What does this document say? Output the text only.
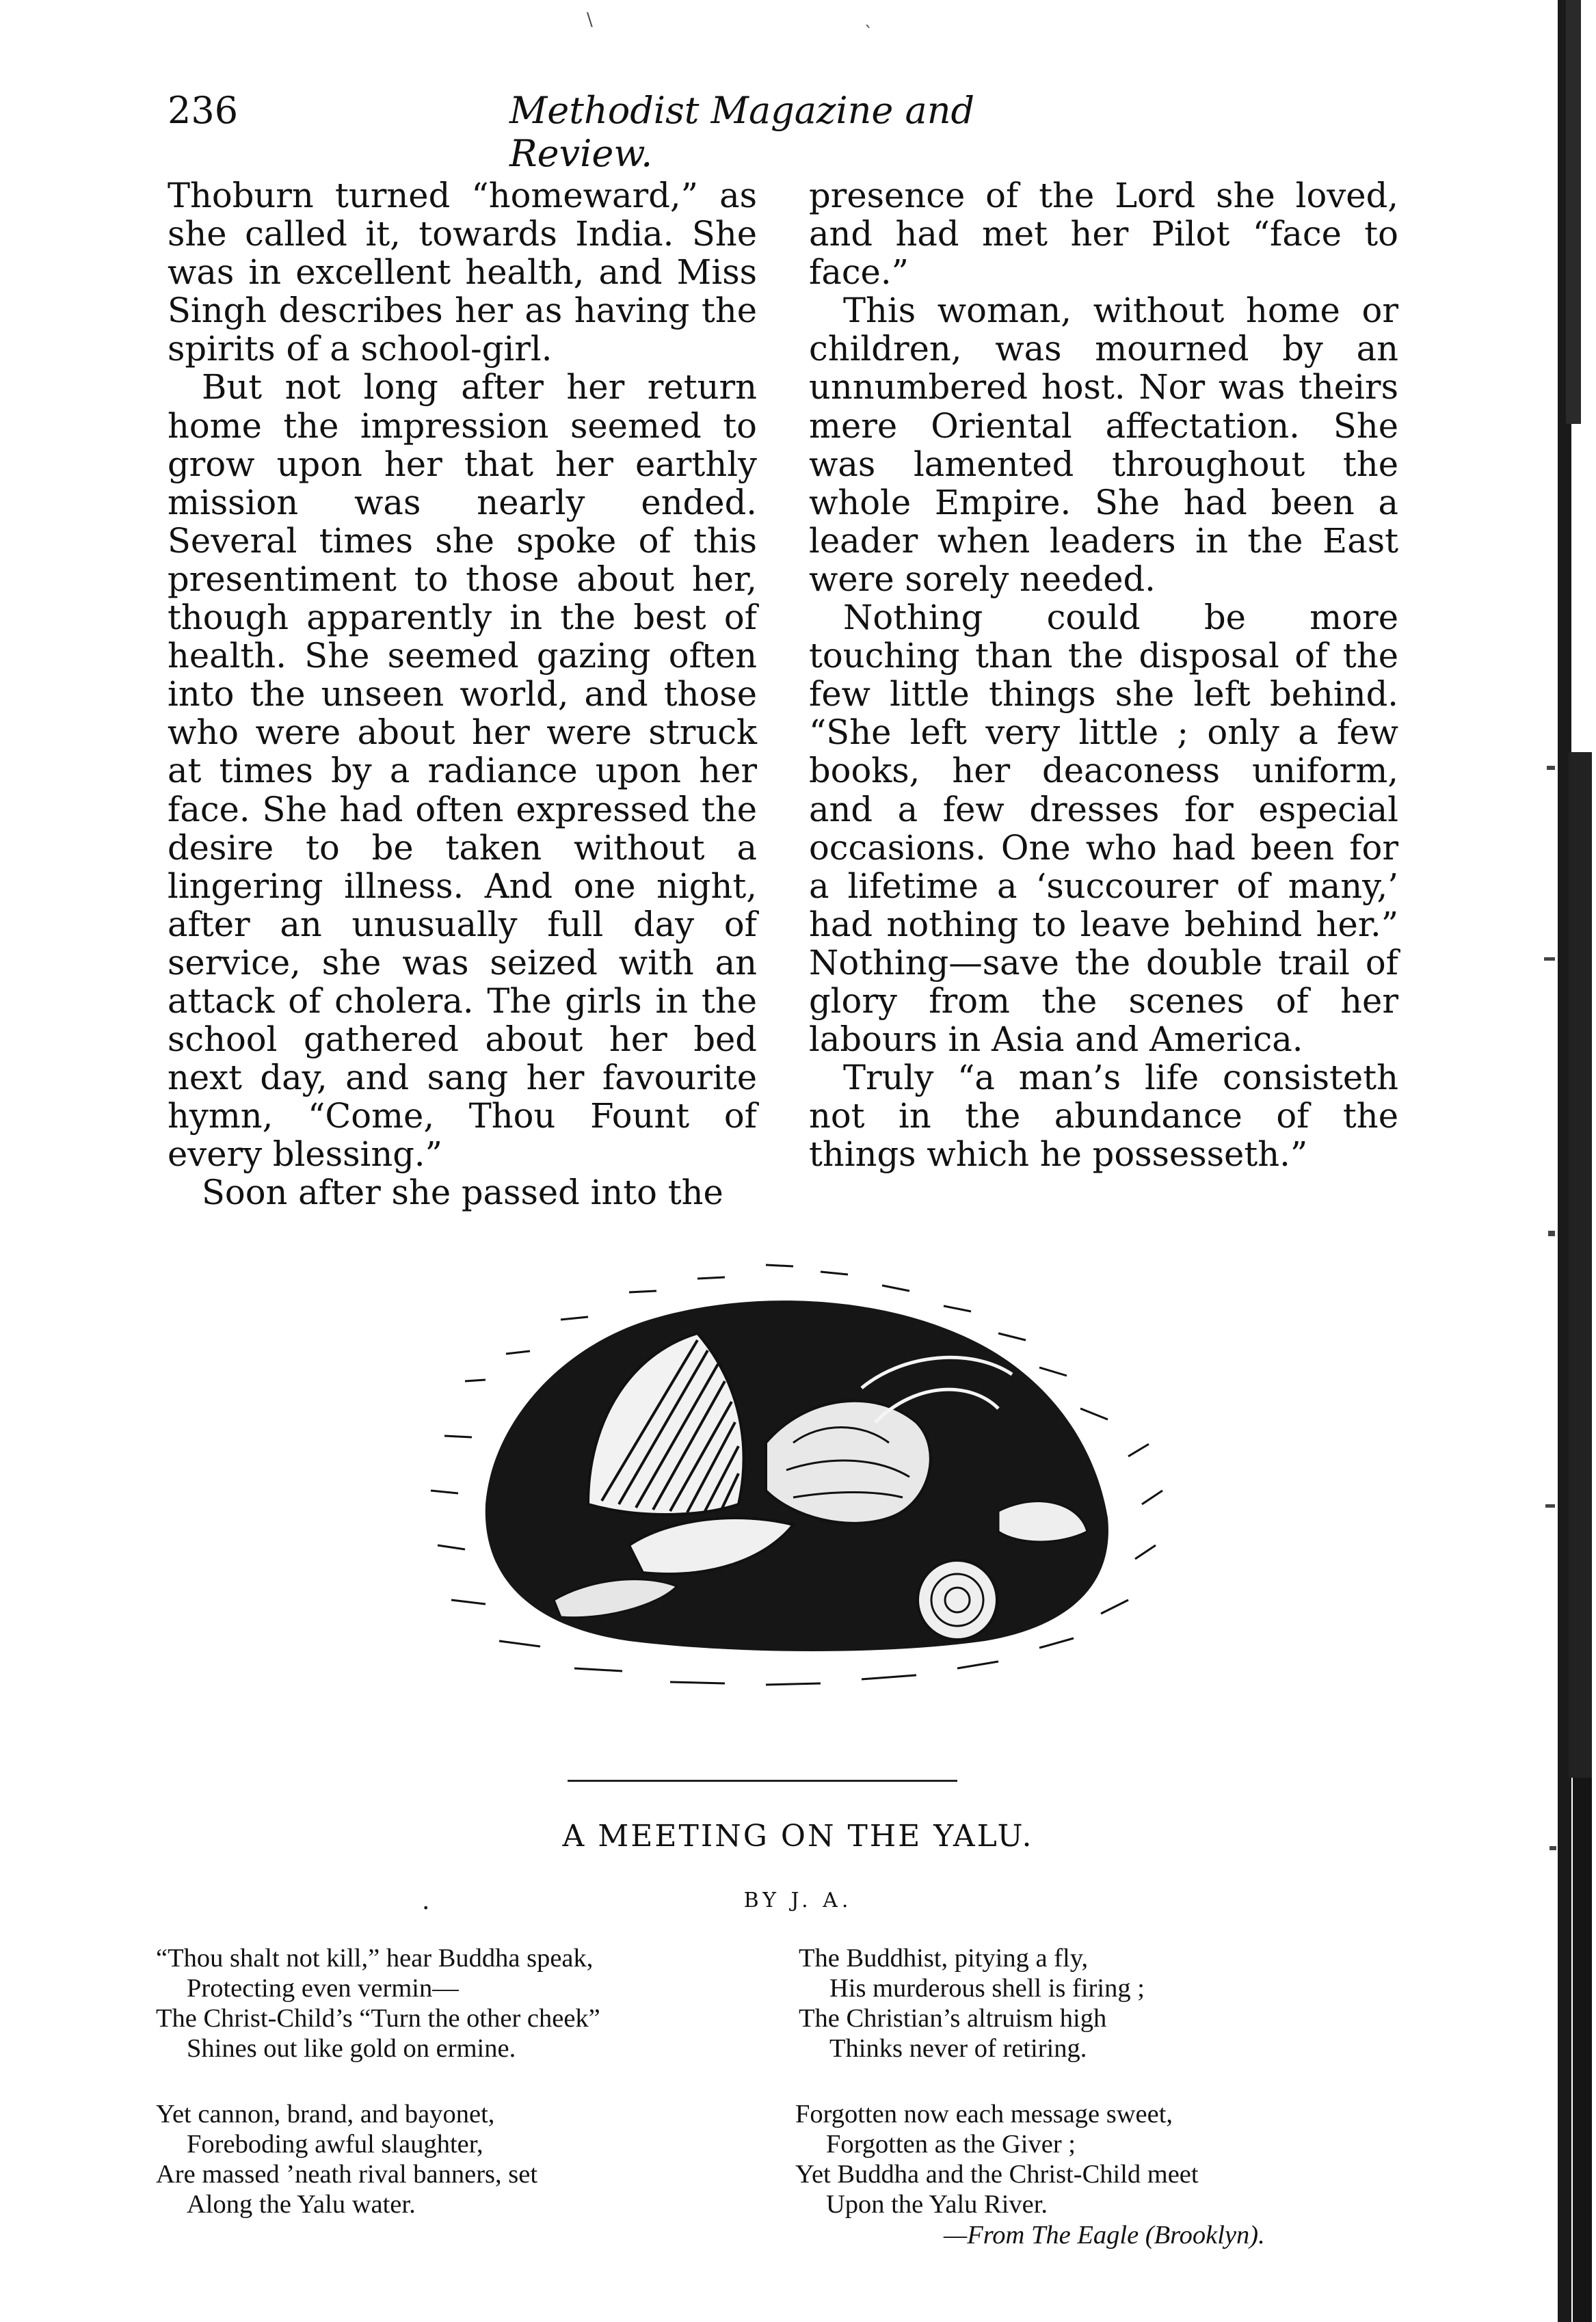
236	Methodist Magazine and Review.
\
`

Thoburn turned “homeward,” as she called it, towards India. She was in excellent health, and Miss Singh describes her as having the spirits of a school-girl.

But not long after her return home the impression seemed to grow upon her that her earthly mission was nearly ended. Several times she spoke of this presentiment to those about her, though apparently in the best of health. She seemed gazing often into the unseen world, and those who were about her were struck at times by a radiance upon her face. She had often expressed the desire to be taken without a lingering illness. And one night, after an unusually full day of service, she was seized with an attack of cholera. The girls in the school gathered about her bed next day, and sang her favourite hymn, “Come, Thou Fount of every blessing.”

Soon after she passed into the

presence of the Lord she loved, and had met her Pilot “face to face.”

This woman, without home or children, was mourned by an unnumbered host. Nor was theirs mere Oriental affectation. She was lamented throughout the whole Empire. She had been a leader when leaders in the East were sorely needed.

Nothing could be more touching than the disposal of the few little things she left behind. “She left very little ; only a few books, her deaconess uniform, and a few dresses for especial occasions. One who had been for a lifetime a ‘succourer of many,’ had nothing to leave behind her.” Nothing—save the double trail of glory from the scenes of her labours in Asia and America.

Truly “a man’s life consisteth not in the abundance of the things which he possesseth.”

A MEETING ON THE YALU.
.	BY J. A.
“Thou shalt not kill,” hear Buddha speak,
Protecting even vermin—
The Christ-Child’s “Turn the other cheek”
Shines out like gold on ermine.
The Buddhist, pitying a fly,
His murderous shell is firing ;
The Christian’s altruism high
Thinks never of retiring.
Yet cannon, brand, and bayonet,
Foreboding awful slaughter,
Are massed ’neath rival banners, set
Along the Yalu water.
Forgotten now each message sweet,
Forgotten as the Giver ;
Yet Buddha and the Christ-Child meet
Upon the Yalu River.
—From The Eagle (Brooklyn).
